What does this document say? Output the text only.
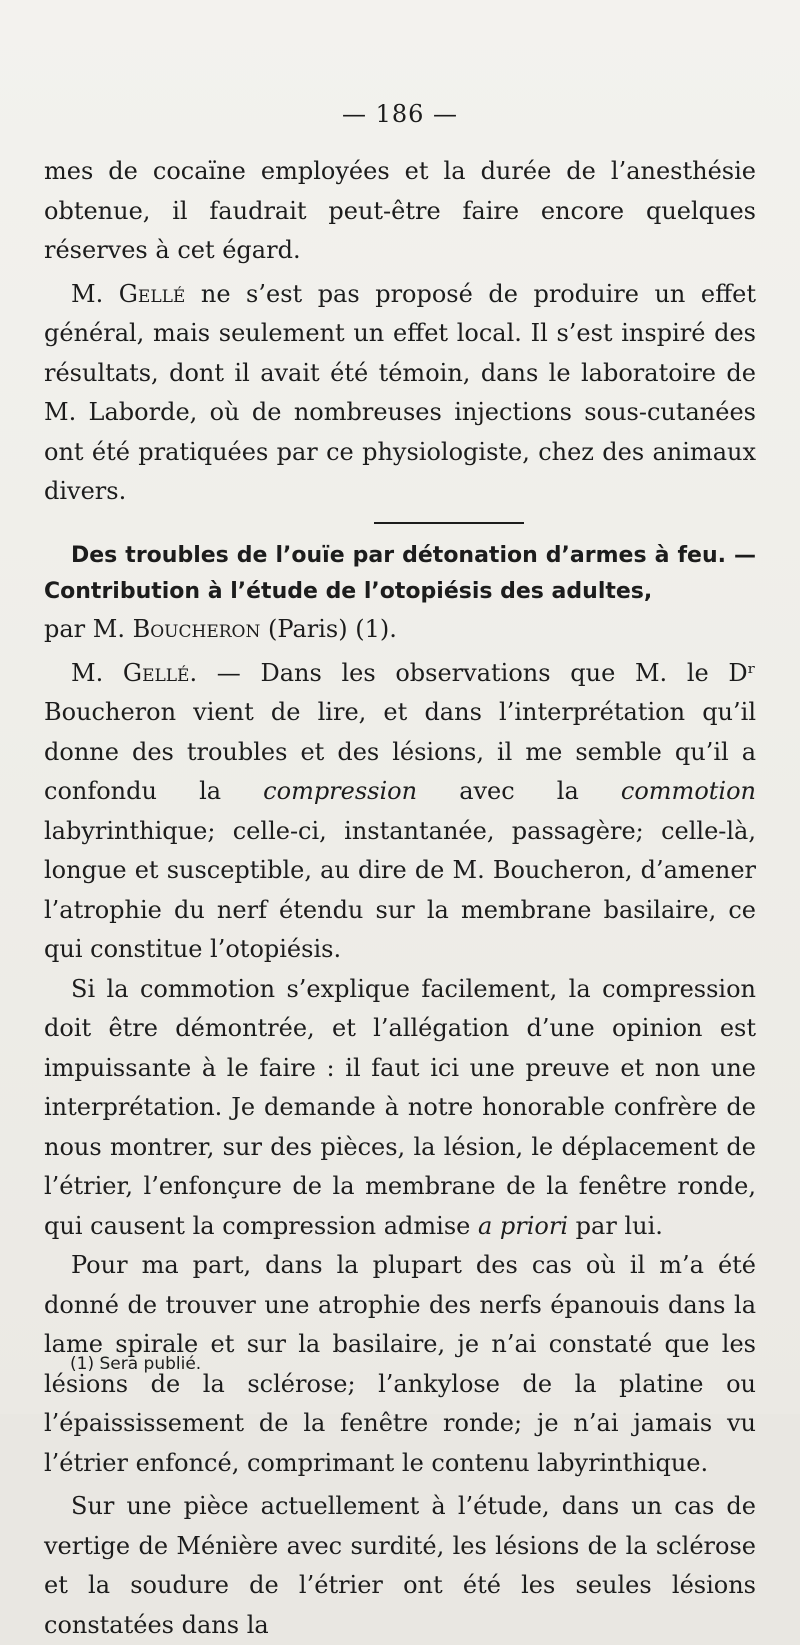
— 186 —

mes de cocaïne employées et la durée de l’anesthésie obtenue, il faudrait peut-être faire encore quelques réserves à cet égard.

M. Gellé ne s’est pas proposé de produire un effet général, mais seulement un effet local. Il s’est inspiré des résultats, dont il avait été témoin, dans le laboratoire de M. Laborde, où de nombreuses injections sous-cutanées ont été pratiquées par ce physiologiste, chez des animaux divers.

Des troubles de l’ouïe par détonation d’armes à feu. — Contribution à l’étude de l’otopiésis des adultes,

par M. Boucheron (Paris) (1).

M. Gellé. — Dans les observations que M. le Dʳ Boucheron vient de lire, et dans l’interprétation qu’il donne des troubles et des lésions, il me semble qu’il a confondu la compression avec la commotion labyrinthique; celle-ci, instantanée, passagère; celle-là, longue et susceptible, au dire de M. Boucheron, d’amener l’atrophie du nerf étendu sur la membrane basilaire, ce qui constitue l’otopiésis.

Si la commotion s’explique facilement, la compression doit être démontrée, et l’allégation d’une opinion est impuissante à le faire : il faut ici une preuve et non une interprétation. Je demande à notre honorable confrère de nous montrer, sur des pièces, la lésion, le déplacement de l’étrier, l’enfonçure de la membrane de la fenêtre ronde, qui causent la compression admise a priori par lui.

Pour ma part, dans la plupart des cas où il m’a été donné de trouver une atrophie des nerfs épanouis dans la lame spirale et sur la basilaire, je n’ai constaté que les lésions de la sclérose; l’ankylose de la platine ou l’épaississement de la fenêtre ronde; je n’ai jamais vu l’étrier enfoncé, comprimant le contenu labyrinthique.

Sur une pièce actuellement à l’étude, dans un cas de vertige de Ménière avec surdité, les lésions de la sclérose et la soudure de l’étrier ont été les seules lésions constatées dans la

(1) Sera publié.
